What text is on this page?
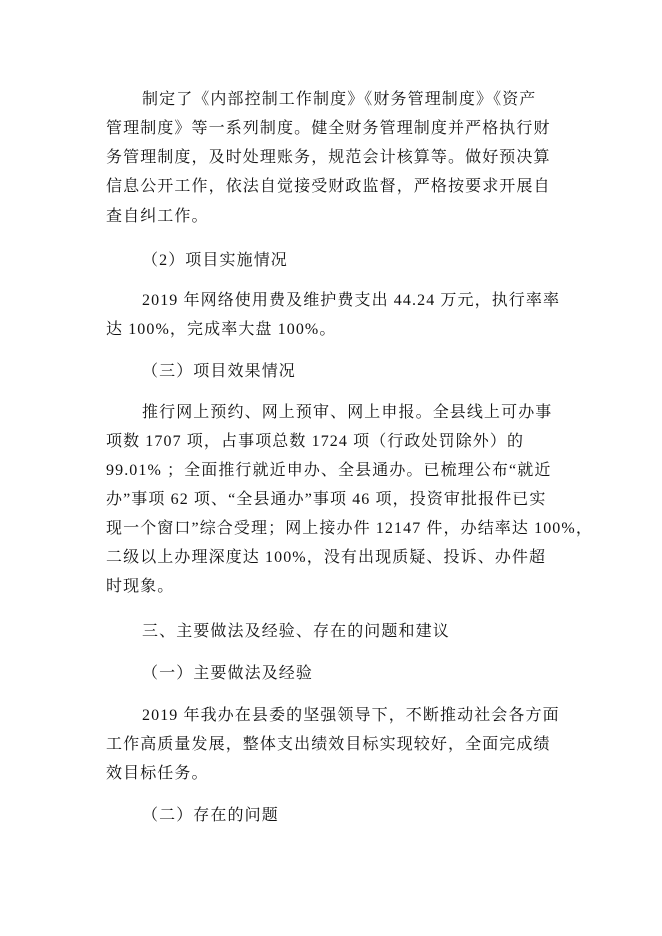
制定了《内部控制工作制度》《财务管理制度》《资产
管理制度》等一系列制度。健全财务管理制度并严格执行财
务管理制度，及时处理账务，规范会计核算等。做好预决算
信息公开工作，依法自觉接受财政监督，严格按要求开展自
查自纠工作。
（2）项目实施情况
2019 年网络使用费及维护费支出 44.24 万元，执行率率
达 100%，完成率大盘 100%。
（三）项目效果情况
推行网上预约、网上预审、网上申报。全县线上可办事
项数 1707 项，占事项总数 1724 项（行政处罚除外）的
99.01% ；全面推行就近申办、全县通办。已梳理公布“就近
办”事项 62 项、“全县通办”事项 46 项，投资审批报件已实
现一个窗口”综合受理；网上接办件 12147 件，办结率达 100%，
二级以上办理深度达 100%，没有出现质疑、投诉、办件超
时现象。
三、主要做法及经验、存在的问题和建议
（一）主要做法及经验
2019 年我办在县委的坚强领导下，不断推动社会各方面
工作高质量发展，整体支出绩效目标实现较好，全面完成绩
效目标任务。
（二）存在的问题
